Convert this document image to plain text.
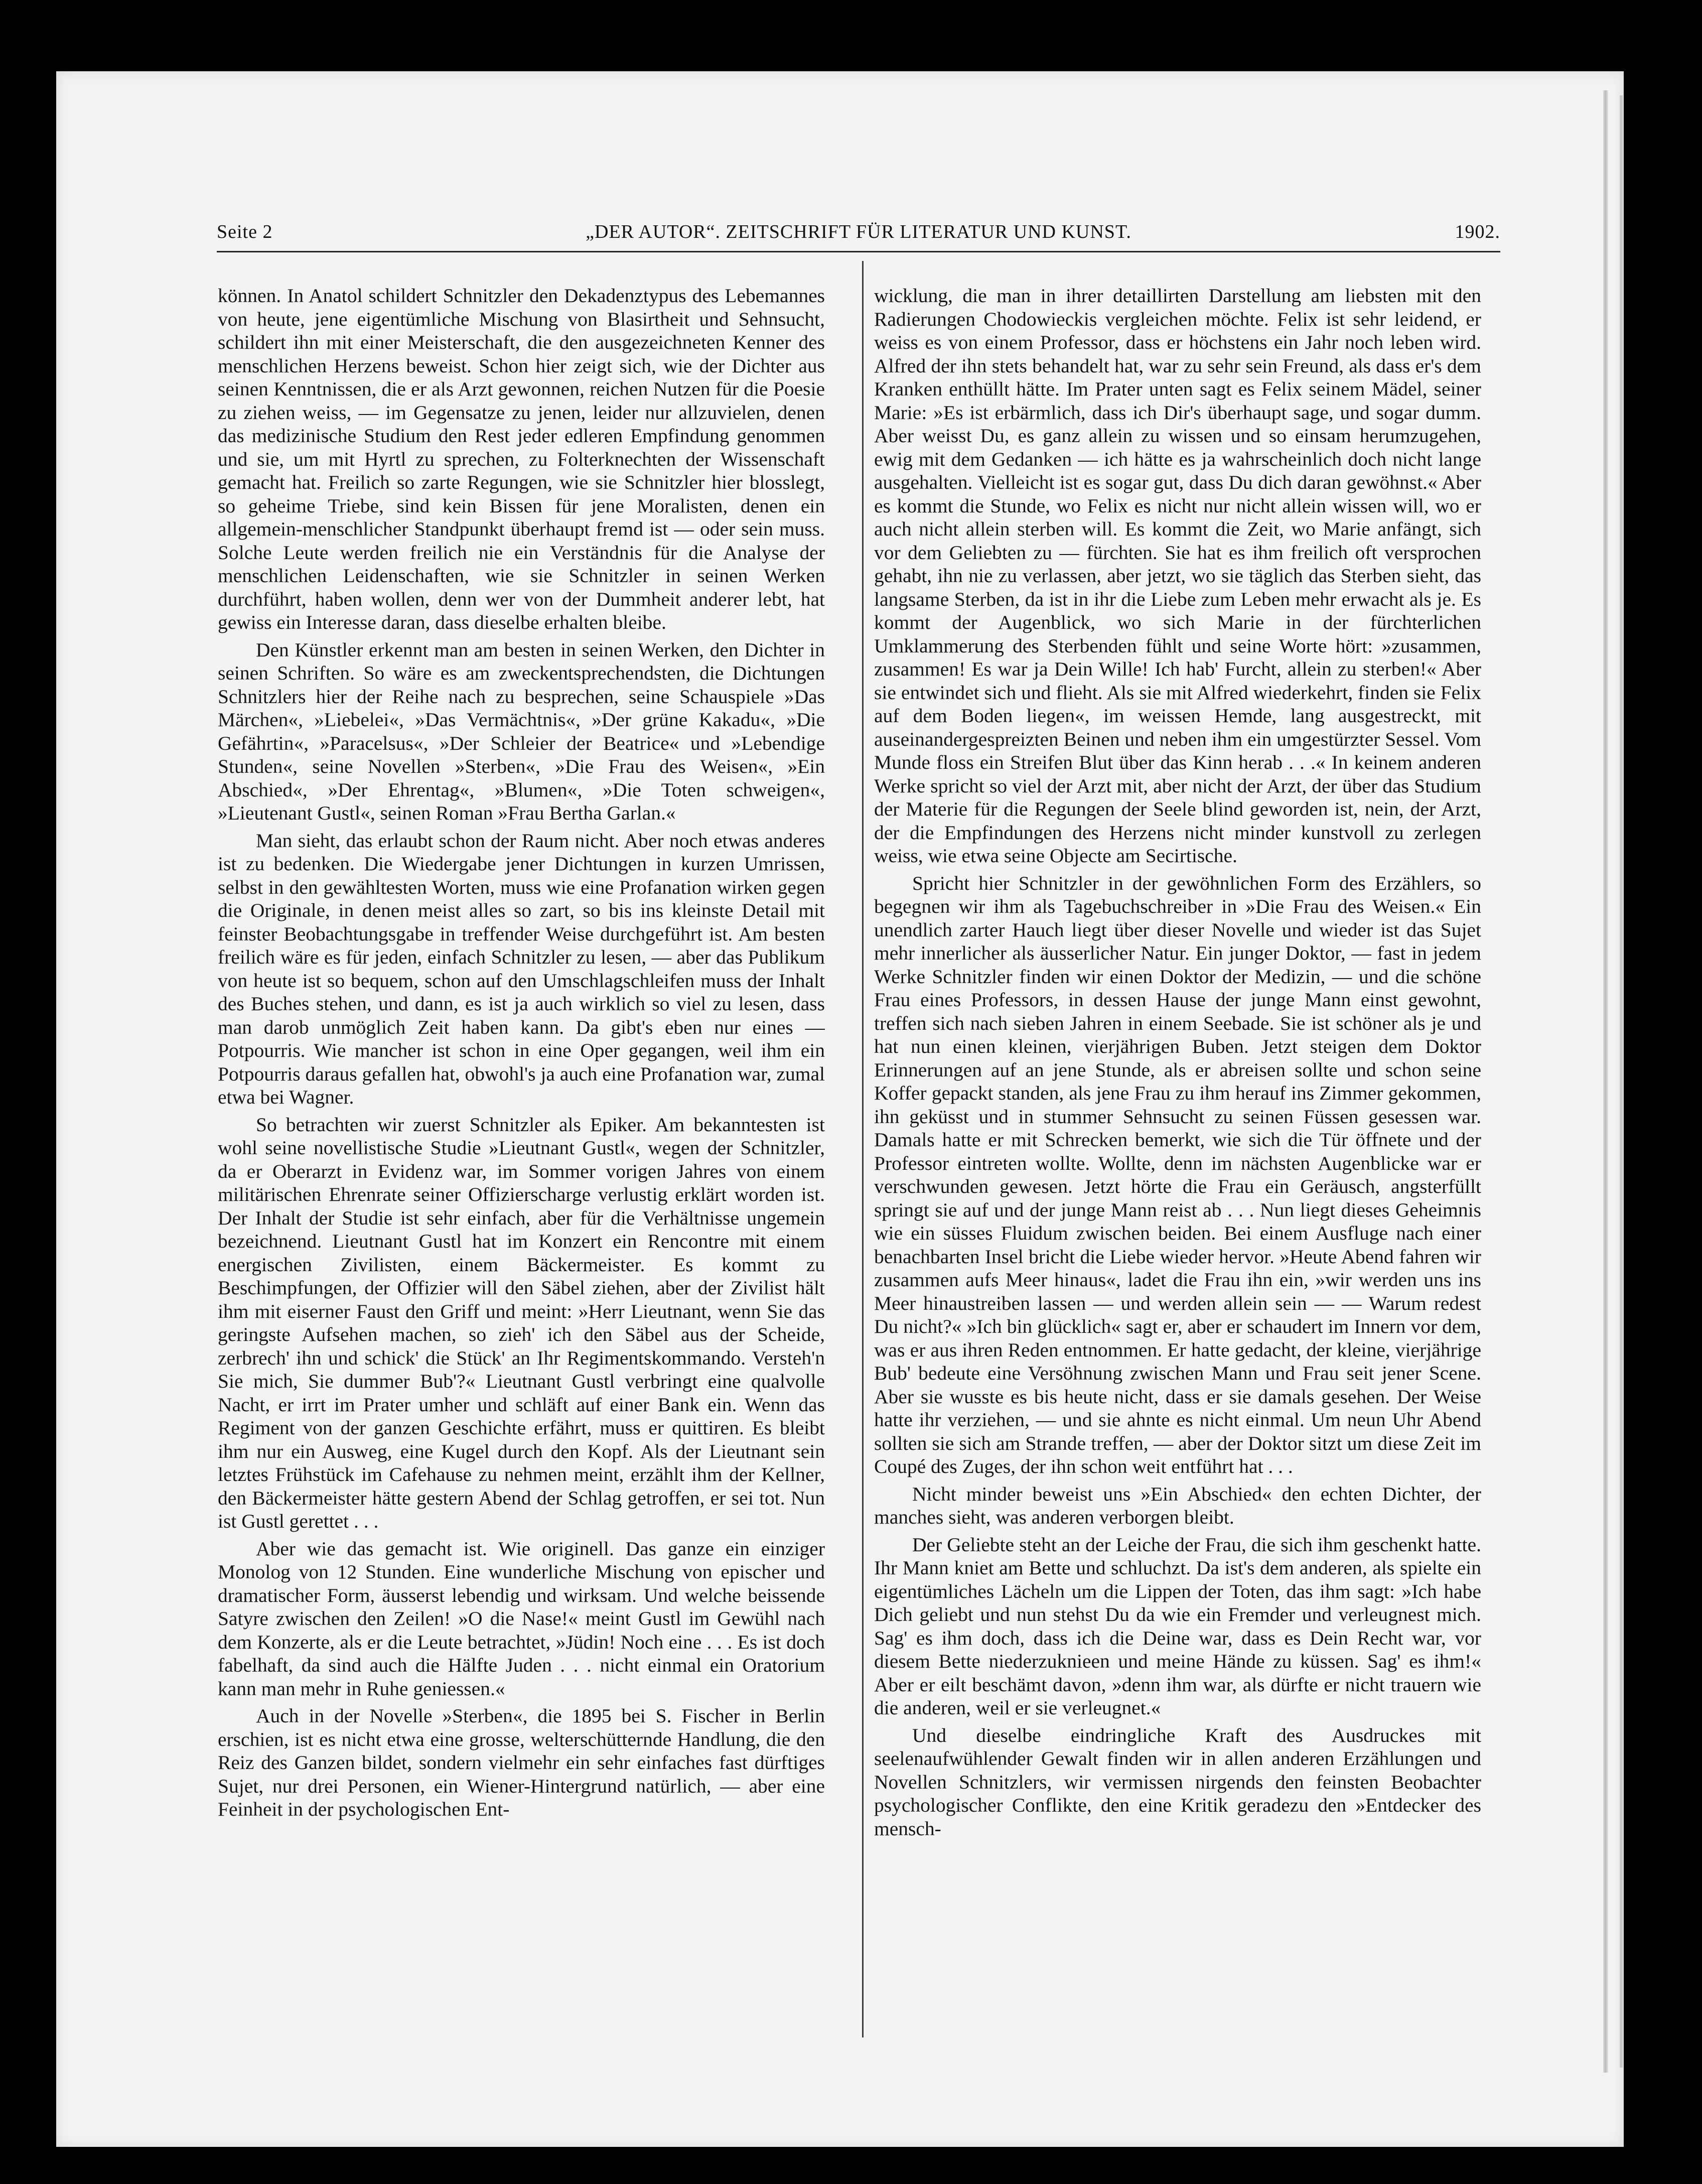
Seite 2	„DER AUTOR“. ZEITSCHRIFT FÜR LITERATUR UND KUNST.	1902.

können. In Anatol schildert Schnitzler den Dekadenztypus des Lebemannes von heute, jene eigentümliche Mischung von Blasirtheit und Sehnsucht, schildert ihn mit einer Meisterschaft, die den ausgezeichneten Kenner des menschlichen Herzens beweist. Schon hier zeigt sich, wie der Dichter aus seinen Kenntnissen, die er als Arzt gewonnen, reichen Nutzen für die Poesie zu ziehen weiss, — im Gegensatze zu jenen, leider nur allzuvielen, denen das medizinische Studium den Rest jeder edleren Empfindung genommen und sie, um mit Hyrtl zu sprechen, zu Folterknechten der Wissenschaft gemacht hat. Freilich so zarte Regungen, wie sie Schnitzler hier blosslegt, so geheime Triebe, sind kein Bissen für jene Moralisten, denen ein allgemein-menschlicher Standpunkt überhaupt fremd ist — oder sein muss. Solche Leute werden freilich nie ein Verständnis für die Analyse der menschlichen Leidenschaften, wie sie Schnitzler in seinen Werken durchführt, haben wollen, denn wer von der Dummheit anderer lebt, hat gewiss ein Interesse daran, dass dieselbe erhalten bleibe.

Den Künstler erkennt man am besten in seinen Werken, den Dichter in seinen Schriften. So wäre es am zweckentsprechendsten, die Dichtungen Schnitzlers hier der Reihe nach zu besprechen, seine Schauspiele »Das Märchen«, »Liebelei«, »Das Vermächtnis«, »Der grüne Kakadu«, »Die Gefährtin«, »Paracelsus«, »Der Schleier der Beatrice« und »Lebendige Stunden«, seine Novellen »Sterben«, »Die Frau des Weisen«, »Ein Abschied«, »Der Ehrentag«, »Blumen«, »Die Toten schweigen«, »Lieutenant Gustl«, seinen Roman »Frau Bertha Garlan.«

Man sieht, das erlaubt schon der Raum nicht. Aber noch etwas anderes ist zu bedenken. Die Wiedergabe jener Dichtungen in kurzen Umrissen, selbst in den gewähltesten Worten, muss wie eine Profanation wirken gegen die Originale, in denen meist alles so zart, so bis ins kleinste Detail mit feinster Beobachtungsgabe in treffender Weise durchgeführt ist. Am besten freilich wäre es für jeden, einfach Schnitzler zu lesen, — aber das Publikum von heute ist so bequem, schon auf den Umschlagschleifen muss der Inhalt des Buches stehen, und dann, es ist ja auch wirklich so viel zu lesen, dass man darob unmöglich Zeit haben kann. Da gibt's eben nur eines — Potpourris. Wie mancher ist schon in eine Oper gegangen, weil ihm ein Potpourris daraus gefallen hat, obwohl's ja auch eine Profanation war, zumal etwa bei Wagner.

So betrachten wir zuerst Schnitzler als Epiker. Am bekanntesten ist wohl seine novellistische Studie »Lieutnant Gustl«, wegen der Schnitzler, da er Oberarzt in Evidenz war, im Sommer vorigen Jahres von einem militärischen Ehrenrate seiner Offizierscharge verlustig erklärt worden ist. Der Inhalt der Studie ist sehr einfach, aber für die Verhältnisse ungemein bezeichnend. Lieutnant Gustl hat im Konzert ein Rencontre mit einem energischen Zivilisten, einem Bäckermeister. Es kommt zu Beschimpfungen, der Offizier will den Säbel ziehen, aber der Zivilist hält ihm mit eiserner Faust den Griff und meint: »Herr Lieutnant, wenn Sie das geringste Aufsehen machen, so zieh' ich den Säbel aus der Scheide, zerbrech' ihn und schick' die Stück' an Ihr Regimentskommando. Versteh'n Sie mich, Sie dummer Bub'?« Lieutnant Gustl verbringt eine qualvolle Nacht, er irrt im Prater umher und schläft auf einer Bank ein. Wenn das Regiment von der ganzen Geschichte erfährt, muss er quittiren. Es bleibt ihm nur ein Ausweg, eine Kugel durch den Kopf. Als der Lieutnant sein letztes Frühstück im Cafehause zu nehmen meint, erzählt ihm der Kellner, den Bäckermeister hätte gestern Abend der Schlag getroffen, er sei tot. Nun ist Gustl gerettet . . .

Aber wie das gemacht ist. Wie originell. Das ganze ein einziger Monolog von 12 Stunden. Eine wunderliche Mischung von epischer und dramatischer Form, äusserst lebendig und wirksam. Und welche beissende Satyre zwischen den Zeilen! »O die Nase!« meint Gustl im Gewühl nach dem Konzerte, als er die Leute betrachtet, »Jüdin! Noch eine . . . Es ist doch fabelhaft, da sind auch die Hälfte Juden . . . nicht einmal ein Oratorium kann man mehr in Ruhe geniessen.«

Auch in der Novelle »Sterben«, die 1895 bei S. Fischer in Berlin erschien, ist es nicht etwa eine grosse, welterschütternde Handlung, die den Reiz des Ganzen bildet, sondern vielmehr ein sehr einfaches fast dürftiges Sujet, nur drei Personen, ein Wiener-Hintergrund natürlich, — aber eine Feinheit in der psychologischen Ent-

wicklung, die man in ihrer detaillirten Darstellung am liebsten mit den Radierungen Chodowieckis vergleichen möchte. Felix ist sehr leidend, er weiss es von einem Professor, dass er höchstens ein Jahr noch leben wird. Alfred der ihn stets behandelt hat, war zu sehr sein Freund, als dass er's dem Kranken enthüllt hätte. Im Prater unten sagt es Felix seinem Mädel, seiner Marie: »Es ist erbärmlich, dass ich Dir's überhaupt sage, und sogar dumm. Aber weisst Du, es ganz allein zu wissen und so einsam herumzugehen, ewig mit dem Gedanken — ich hätte es ja wahrscheinlich doch nicht lange ausgehalten. Vielleicht ist es sogar gut, dass Du dich daran gewöhnst.« Aber es kommt die Stunde, wo Felix es nicht nur nicht allein wissen will, wo er auch nicht allein sterben will. Es kommt die Zeit, wo Marie anfängt, sich vor dem Geliebten zu — fürchten. Sie hat es ihm freilich oft versprochen gehabt, ihn nie zu verlassen, aber jetzt, wo sie täglich das Sterben sieht, das langsame Sterben, da ist in ihr die Liebe zum Leben mehr erwacht als je. Es kommt der Augenblick, wo sich Marie in der fürchterlichen Umklammerung des Sterbenden fühlt und seine Worte hört: »zusammen, zusammen! Es war ja Dein Wille! Ich hab' Furcht, allein zu sterben!« Aber sie entwindet sich und flieht. Als sie mit Alfred wiederkehrt, finden sie Felix auf dem Boden liegen«, im weissen Hemde, lang ausgestreckt, mit auseinandergespreizten Beinen und neben ihm ein umgestürzter Sessel. Vom Munde floss ein Streifen Blut über das Kinn herab . . .« In keinem anderen Werke spricht so viel der Arzt mit, aber nicht der Arzt, der über das Studium der Materie für die Regungen der Seele blind geworden ist, nein, der Arzt, der die Empfindungen des Herzens nicht minder kunstvoll zu zerlegen weiss, wie etwa seine Objecte am Secirtische.

Spricht hier Schnitzler in der gewöhnlichen Form des Erzählers, so begegnen wir ihm als Tagebuchschreiber in »Die Frau des Weisen.« Ein unendlich zarter Hauch liegt über dieser Novelle und wieder ist das Sujet mehr innerlicher als äusserlicher Natur. Ein junger Doktor, — fast in jedem Werke Schnitzler finden wir einen Doktor der Medizin, — und die schöne Frau eines Professors, in dessen Hause der junge Mann einst gewohnt, treffen sich nach sieben Jahren in einem Seebade. Sie ist schöner als je und hat nun einen kleinen, vierjährigen Buben. Jetzt steigen dem Doktor Erinnerungen auf an jene Stunde, als er abreisen sollte und schon seine Koffer gepackt standen, als jene Frau zu ihm herauf ins Zimmer gekommen, ihn geküsst und in stummer Sehnsucht zu seinen Füssen gesessen war. Damals hatte er mit Schrecken bemerkt, wie sich die Tür öffnete und der Professor eintreten wollte. Wollte, denn im nächsten Augenblicke war er verschwunden gewesen. Jetzt hörte die Frau ein Geräusch, angsterfüllt springt sie auf und der junge Mann reist ab . . . Nun liegt dieses Geheimnis wie ein süsses Fluidum zwischen beiden. Bei einem Ausfluge nach einer benachbarten Insel bricht die Liebe wieder hervor. »Heute Abend fahren wir zusammen aufs Meer hinaus«, ladet die Frau ihn ein, »wir werden uns ins Meer hinaustreiben lassen — und werden allein sein — — Warum redest Du nicht?« »Ich bin glücklich« sagt er, aber er schaudert im Innern vor dem, was er aus ihren Reden entnommen. Er hatte gedacht, der kleine, vierjährige Bub' bedeute eine Versöhnung zwischen Mann und Frau seit jener Scene. Aber sie wusste es bis heute nicht, dass er sie damals gesehen. Der Weise hatte ihr verziehen, — und sie ahnte es nicht einmal. Um neun Uhr Abend sollten sie sich am Strande treffen, — aber der Doktor sitzt um diese Zeit im Coupé des Zuges, der ihn schon weit entführt hat . . .

Nicht minder beweist uns »Ein Abschied« den echten Dichter, der manches sieht, was anderen verborgen bleibt.

Der Geliebte steht an der Leiche der Frau, die sich ihm geschenkt hatte. Ihr Mann kniet am Bette und schluchzt. Da ist's dem anderen, als spielte ein eigentümliches Lächeln um die Lippen der Toten, das ihm sagt: »Ich habe Dich geliebt und nun stehst Du da wie ein Fremder und verleugnest mich. Sag' es ihm doch, dass ich die Deine war, dass es Dein Recht war, vor diesem Bette niederzuknieen und meine Hände zu küssen. Sag' es ihm!« Aber er eilt beschämt davon, »denn ihm war, als dürfte er nicht trauern wie die anderen, weil er sie verleugnet.«

Und dieselbe eindringliche Kraft des Ausdruckes mit seelenaufwühlender Gewalt finden wir in allen anderen Erzählungen und Novellen Schnitzlers, wir vermissen nirgends den feinsten Beobachter psychologischer Conflikte, den eine Kritik geradezu den »Entdecker des mensch-
